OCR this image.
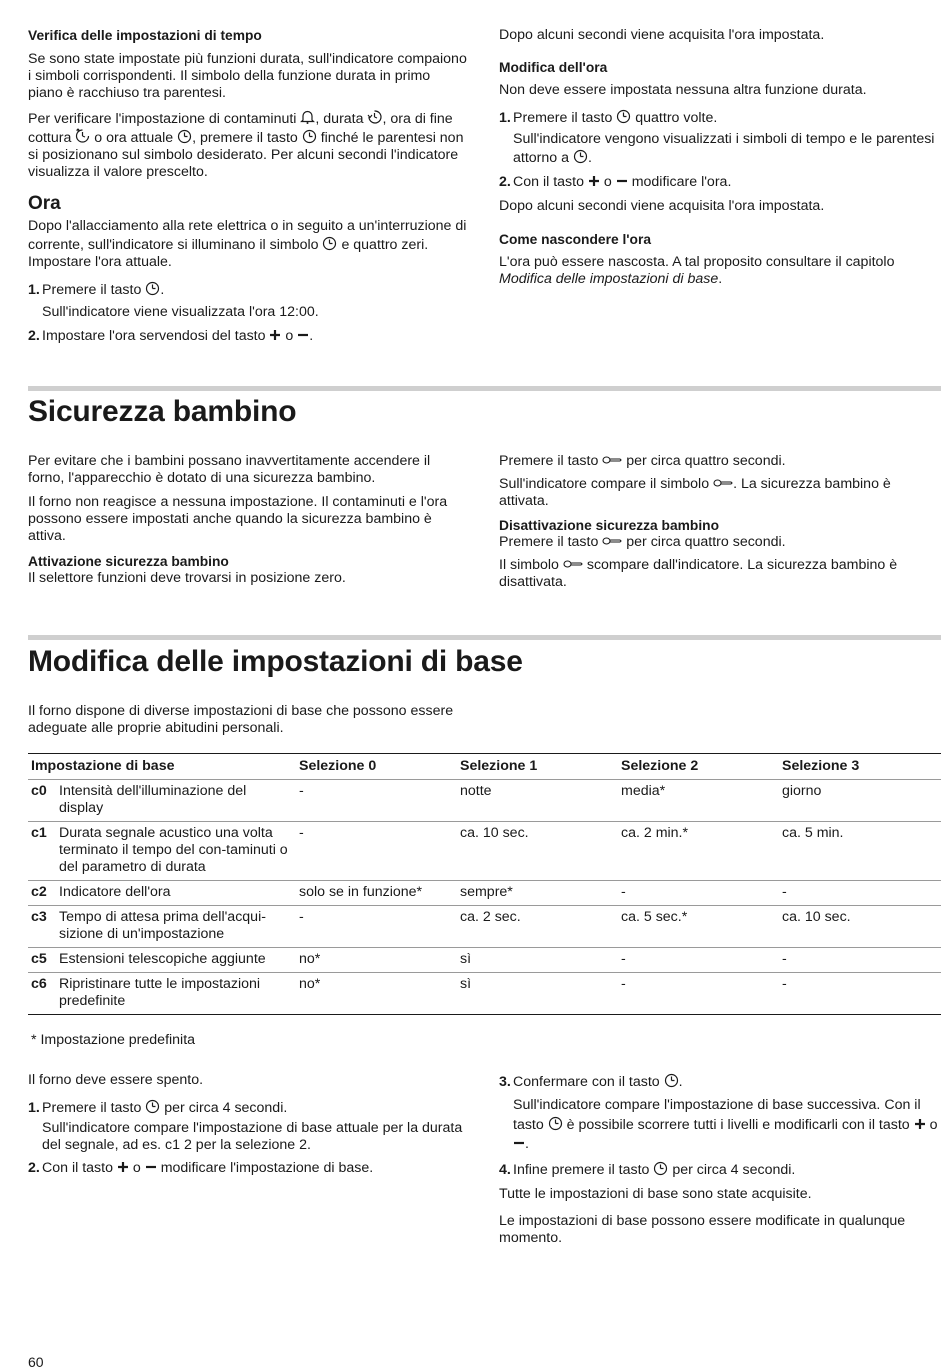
Verifica delle impostazioni di tempo

Se sono state impostate più funzioni durata, sull'indicatore compaiono i simboli corrispondenti. Il simbolo della funzione durata in primo piano è racchiuso tra parentesi.

Per verificare l'impostazione di contaminuti , durata , ora di fine cottura o ora attuale , premere il tasto finché le parentesi non si posizionano sul simbolo desiderato. Per alcuni secondi l'indicatore visualizza il valore prescelto.

Ora

Dopo l'allacciamento alla rete elettrica o in seguito a un'interruzione di corrente, sull'indicatore si illuminano il simbolo e quattro zeri. Impostare l'ora attuale.

1. Premere il tasto .

Sull'indicatore viene visualizzata l'ora 12:00.

2. Impostare l'ora servendosi del tasto o .

Dopo alcuni secondi viene acquisita l'ora impostata.

Modifica dell'ora

Non deve essere impostata nessuna altra funzione durata.

1. Premere il tasto quattro volte.

Sull'indicatore vengono visualizzati i simboli di tempo e le parentesi attorno a .

2. Con il tasto o modificare l'ora.

Dopo alcuni secondi viene acquisita l'ora impostata.

Come nascondere l'ora

L'ora può essere nascosta. A tal proposito consultare il capitolo Modifica delle impostazioni di base.

Sicurezza bambino

Per evitare che i bambini possano inavvertitamente accendere il forno, l'apparecchio è dotato di una sicurezza bambino.

Il forno non reagisce a nessuna impostazione. Il contaminuti e l'ora possono essere impostati anche quando la sicurezza bambino è attiva.

Attivazione sicurezza bambino

Il selettore funzioni deve trovarsi in posizione zero.

Premere il tasto per circa quattro secondi.

Sull'indicatore compare il simbolo . La sicurezza bambino è attivata.

Disattivazione sicurezza bambino

Premere il tasto per circa quattro secondi.

Il simbolo scompare dall'indicatore. La sicurezza bambino è disattivata.

Modifica delle impostazioni di base

Il forno dispone di diverse impostazioni di base che possono essere adeguate alle proprie abitudini personali.

Impostazione di base	Selezione 0	Selezione 1	Selezione 2	Selezione 3

c0 Intensità dell'illuminazione del display	-	notte	media*	giorno

c1 Durata segnale acustico una volta terminato il tempo del con-taminuti o del parametro di durata	-	ca. 10 sec.	ca. 2 min.*	ca. 5 min.

c2 Indicatore dell'ora	solo se in funzione*	sempre*	-	-

c3 Tempo di attesa prima dell'acqui-sizione di un'impostazione	-	ca. 2 sec.	ca. 5 sec.*	ca. 10 sec.

c5 Estensioni telescopiche aggiunte	no*	sì	-	-

c6 Ripristinare tutte le impostazioni predefinite	no*	sì	-	-

* Impostazione predefinita

Il forno deve essere spento.

1. Premere il tasto per circa 4 secondi.

Sull'indicatore compare l'impostazione di base attuale per la durata del segnale, ad es. c1 2 per la selezione 2.

2. Con il tasto o modificare l'impostazione di base.

3. Confermare con il tasto .

Sull'indicatore compare l'impostazione di base successiva. Con il tasto è possibile scorrere tutti i livelli e modificarli con il tasto o
.

4. Infine premere il tasto per circa 4 secondi.

Tutte le impostazioni di base sono state acquisite.

Le impostazioni di base possono essere modificate in qualunque momento.

60
